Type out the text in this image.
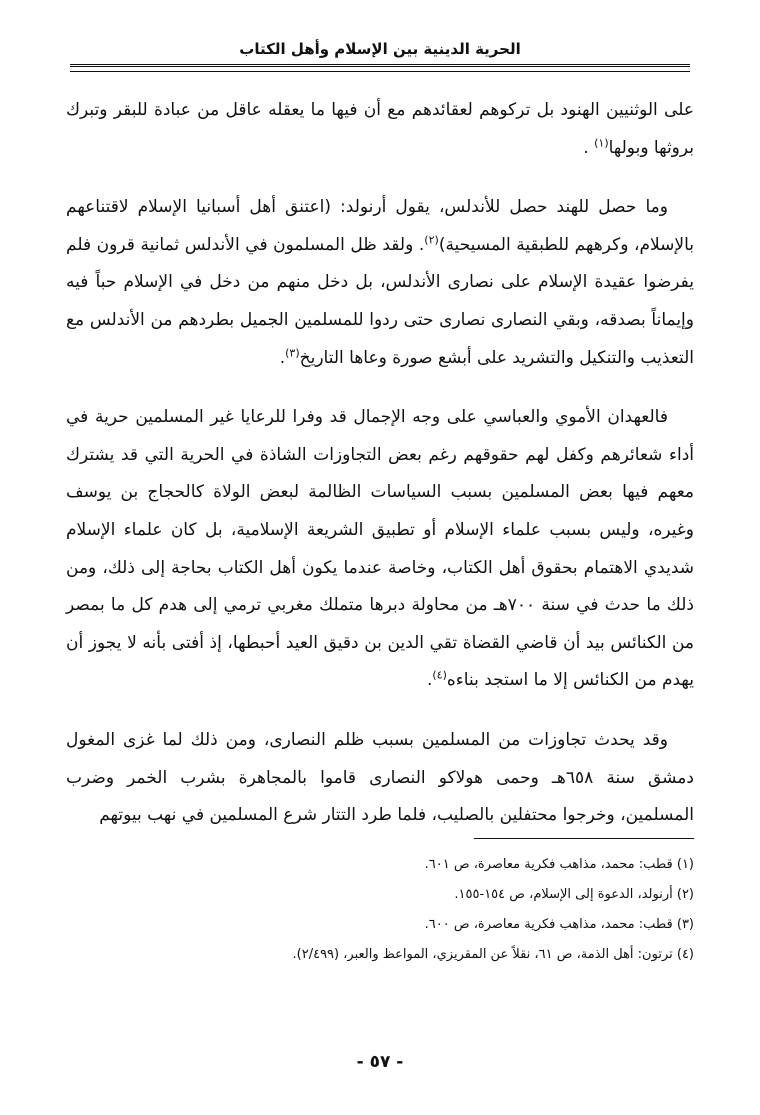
الحرية الدينية بين الإسلام وأهل الكتاب

على الوثنيين الهنود بل تركوهم لعقائدهم مع أن فيها ما يعقله عاقل من عبادة للبقر وتبرك بروثها وبولها$^{(١)}$ .

وما حصل للهند حصل للأندلس، يقول أرنولد: (اعتنق أهل أسبانيا الإسلام لاقتناعهم بالإسلام، وكرههم للطبقية المسيحية)$^{(٢)}$. ولقد ظل المسلمون في الأندلس ثمانية قرون فلم يفرضوا عقيدة الإسلام على نصارى الأندلس، بل دخل منهم من دخل في الإسلام حباً فيه وإيماناً بصدقه، وبقي النصارى نصارى حتى ردوا للمسلمين الجميل بطردهم من الأندلس مع التعذيب والتنكيل والتشريد على أبشع صورة وعاها التاريخ$^{(٣)}$.

فالعهدان الأموي والعباسي على وجه الإجمال قد وفرا للرعايا غير المسلمين حرية في أداء شعائرهم وكفل لهم حقوقهم رغم بعض التجاوزات الشاذة في الحرية التي قد يشترك معهم فيها بعض المسلمين بسبب السياسات الظالمة لبعض الولاة كالحجاج بن يوسف وغيره، وليس بسبب علماء الإسلام أو تطبيق الشريعة الإسلامية، بل كان علماء الإسلام شديدي الاهتمام بحقوق أهل الكتاب، وخاصة عندما يكون أهل الكتاب بحاجة إلى ذلك، ومن ذلك ما حدث في سنة ٧٠٠هـ من محاولة دبرها متملك مغربي ترمي إلى هدم كل ما بمصر من الكنائس بيد أن قاضي القضاة تقي الدين بن دقيق العيد أحبطها، إذ أفتى بأنه لا يجوز أن يهدم من الكنائس إلا ما استجد بناءه$^{(٤)}$.

وقد يحدث تجاوزات من المسلمين بسبب ظلم النصارى، ومن ذلك لما غزى المغول دمشق سنة ٦٥٨هـ وحمى هولاكو النصارى قاموا بالمجاهرة بشرب الخمر وضرب المسلمين، وخرجوا محتفلين بالصليب، فلما طرد التتار شرع المسلمين في نهب بيوتهم

(١) قطب: محمد، مذاهب فكرية معاصرة، ص ٦٠١.
(٢) أرنولد، الدعوة إلى الإسلام، ص ١٥٤-١٥٥.
(٣) قطب: محمد، مذاهب فكرية معاصرة، ص ٦٠٠.
(٤) ترتون: أهل الذمة، ص ٦١، نقلاً عن المقريزي، المواعظ والعبر، (٢/٤٩٩).
- ٥٧ -
